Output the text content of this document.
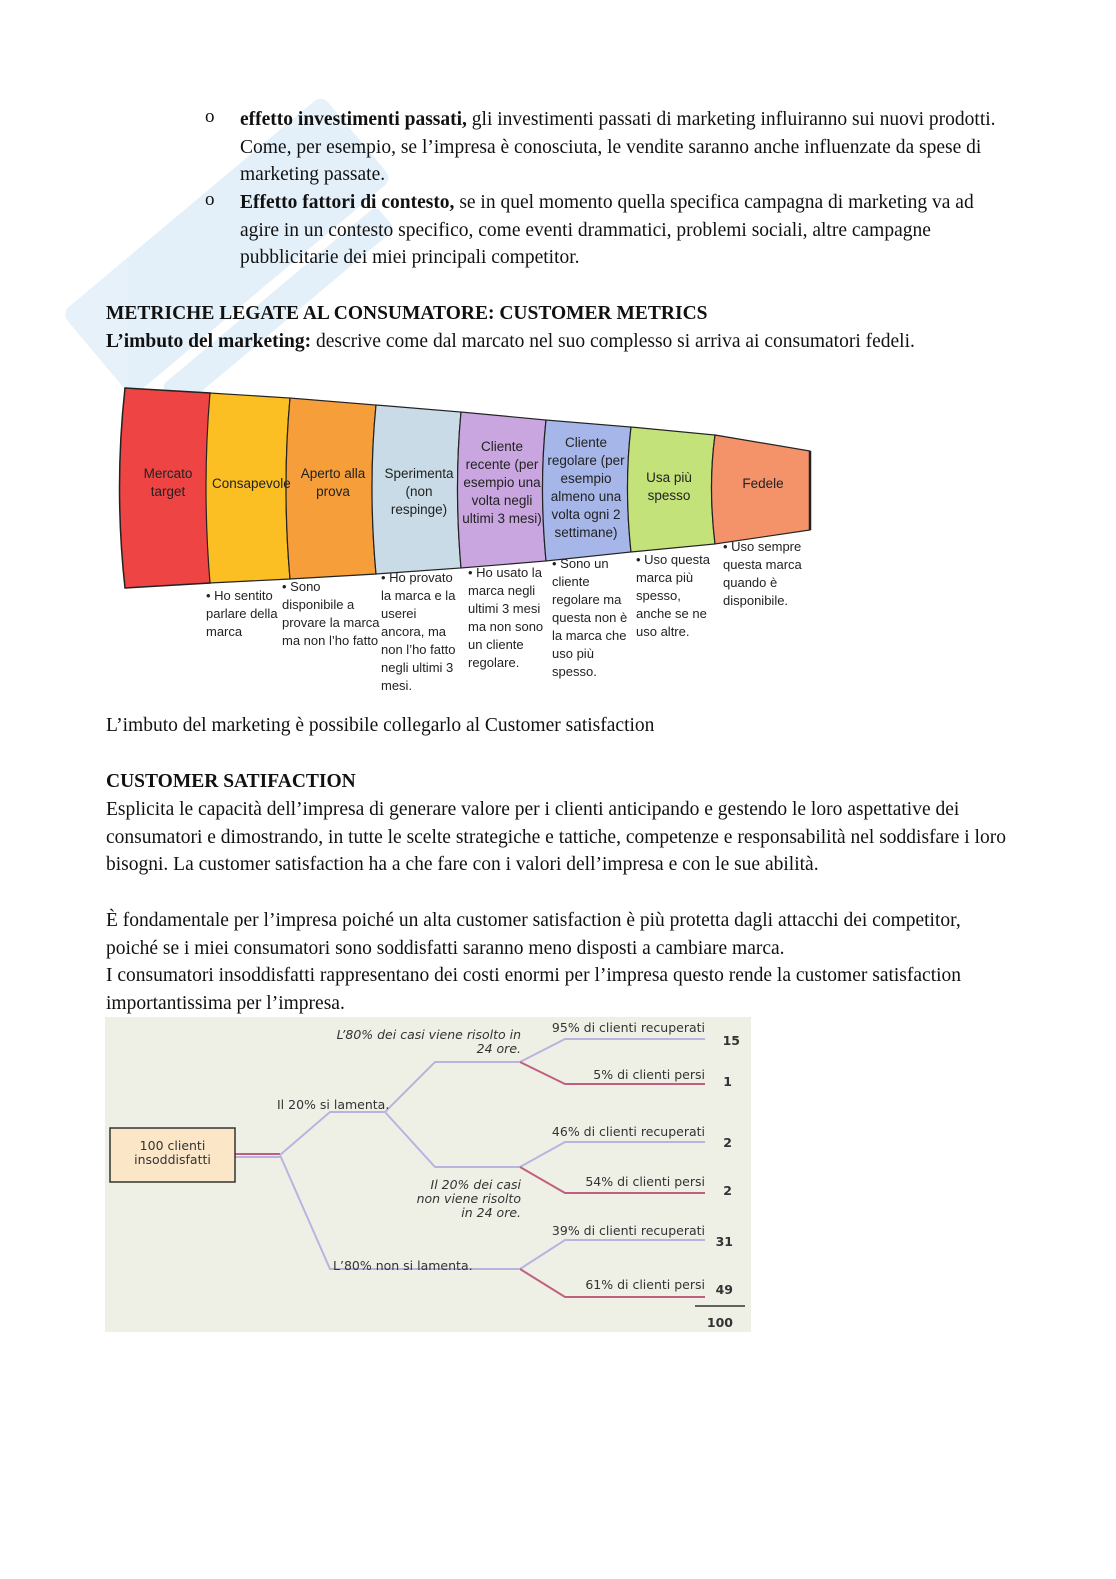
o effetto investimenti passati, gli investimenti passati di marketing influiranno sui nuovi prodotti. Come, per esempio, se l’impresa è conosciuta, le vendite saranno anche influenzate da spese di marketing passate.
o Effetto fattori di contesto, se in quel momento quella specifica campagna di marketing va ad agire in un contesto specifico, come eventi drammatici, problemi sociali, altre campagne pubblicitarie dei miei principali competitor.
METRICHE LEGATE AL CONSUMATORE: CUSTOMER METRICS
L’imbuto del marketing: descrive come dal marcato nel suo complesso si arriva ai consumatori fedeli.
Mercato target
Consapevole
Aperto alla prova
Sperimenta (non respinge)
Cliente recente (per esempio una volta negli ultimi 3 mesi)
Cliente regolare (per esempio almeno una volta ogni 2 settimane)
Usa più spesso
Fedele
• Ho sentito parlare della marca
• Sono disponibile a provare la marca ma non l’ho fatto
• Ho provato la marca e la userei ancora, ma non l’ho fatto negli ultimi 3 mesi.
• Ho usato la marca negli ultimi 3 mesi ma non sono un cliente regolare.
• Sono un cliente regolare ma questa non è la marca che uso più spesso.
• Uso questa marca più spesso, anche se ne uso altre.
• Uso sempre questa marca quando è disponibile.
L’imbuto del marketing è possibile collegarlo al Customer satisfaction
CUSTOMER SATIFACTION
Esplicita le capacità dell’impresa di generare valore per i clienti anticipando e gestendo le loro aspettative dei consumatori e dimostrando, in tutte le scelte strategiche e tattiche, competenze e responsabilità nel soddisfare i loro bisogni. La customer satisfaction ha a che fare con i valori dell’impresa e con le sue abilità.
È fondamentale per l’impresa poiché un alta customer satisfaction è più protetta dagli attacchi dei competitor, poiché se i miei consumatori sono soddisfatti saranno meno disposti a cambiare marca.
I consumatori insoddisfatti rappresentano dei costi enormi per l’impresa questo rende la customer satisfaction importantissima per l’impresa.
100 clienti insoddisfatti
Il 20% si lamenta.
L’80% non si lamenta.
L’80% dei casi viene risolto in 24 ore.
Il 20% dei casi non viene risolto in 24 ore.
95% di clienti recuperati
5% di clienti persi
46% di clienti recuperati
54% di clienti persi
39% di clienti recuperati
61% di clienti persi
15
1
2
2
31
49
100
